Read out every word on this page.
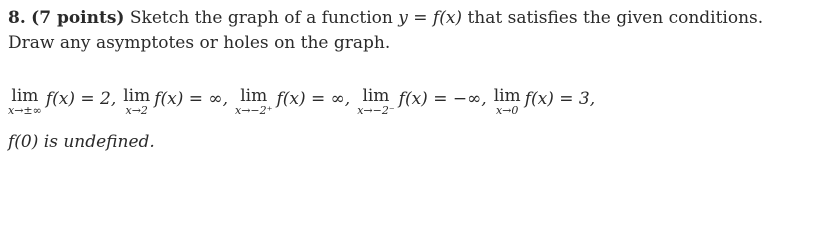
8. (7 points) Sketch the graph of a function y = f(x) that satisfies the given conditions.
Draw any asymptotes or holes on the graph.
lim
x→±∞
f(x) = 2, lim
x→2
f(x) = ∞, lim
x→−2⁺
f(x) = ∞, lim
x→−2⁻
f(x) = −∞, lim
x→0
f(x) = 3,
f(0) is undefined.
